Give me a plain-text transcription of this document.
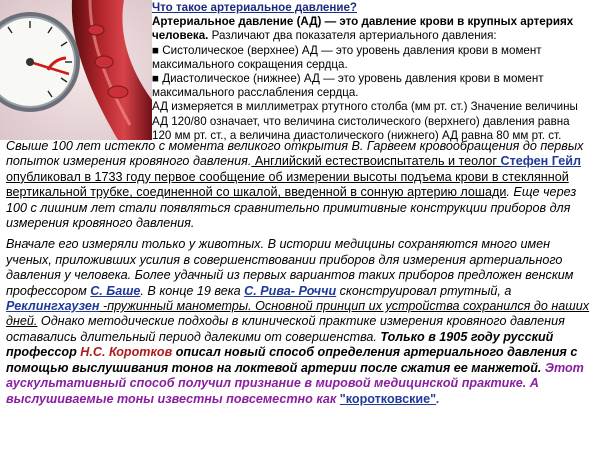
Что такое артериальное давление?
Артериальное давление (АД) — это давление крови в крупных артериях человека. Различают два показателя артериального давления:
■ Систолическое (верхнее) АД — это уровень давления крови в момент максимального сокращения сердца.
■ Диастолическое (нижнее) АД — это уровень давления крови в момент максимального расслабления сердца.
АД измеряется в миллиметрах ртутного столба (мм рт. ст.) Значение величины АД 120/80 означает, что величина систолического (верхнего) давления равна 120 мм рт. ст., а величина диастолического (нижнего) АД равна 80 мм рт. ст.

Свыше 100 лет истекло с момента великого открытия В. Гарвеем кровообращения до первых попыток измерения кровяного давления. Английский естествоиспытатель и теолог Стефен Гейл опубликовал в 1733 году первое сообщение об измерении высоты подъема крови в стеклянной вертикальной трубке, соединенной со шкалой, введенной в сонную артерию лошади. Еще через 100 с лишним лет стали появляться сравнительно примитивные конструкции приборов для измерения кровяного давления.

Вначале его измеряли только у животных. В истории медицины сохраняются много имен ученых, приложивших усилия в совершенствовании приборов для измерения артериального давления у человека. Более удачный из первых вариантов таких приборов предложен венским профессором С. Баше. В конце 19 века С. Рива- Роччи сконструировал ртутный, а Реклингхаузен -пружинный манометры. Основной принцип их устройства сохранился до наших дней. Однако методические подходы в клинической практике измерения кровяного давления оставались длительный период далекими от совершенства. Только в 1905 году русский профессор Н.С. Коротков описал новый способ определения артериального давления с помощью выслушивания тонов на локтевой артерии после сжатия ее манжетой. Этот аускультативный способ получил признание в мировой медицинской практике. А выслушиваемые тоны известны повсеместно как "коротковские".
